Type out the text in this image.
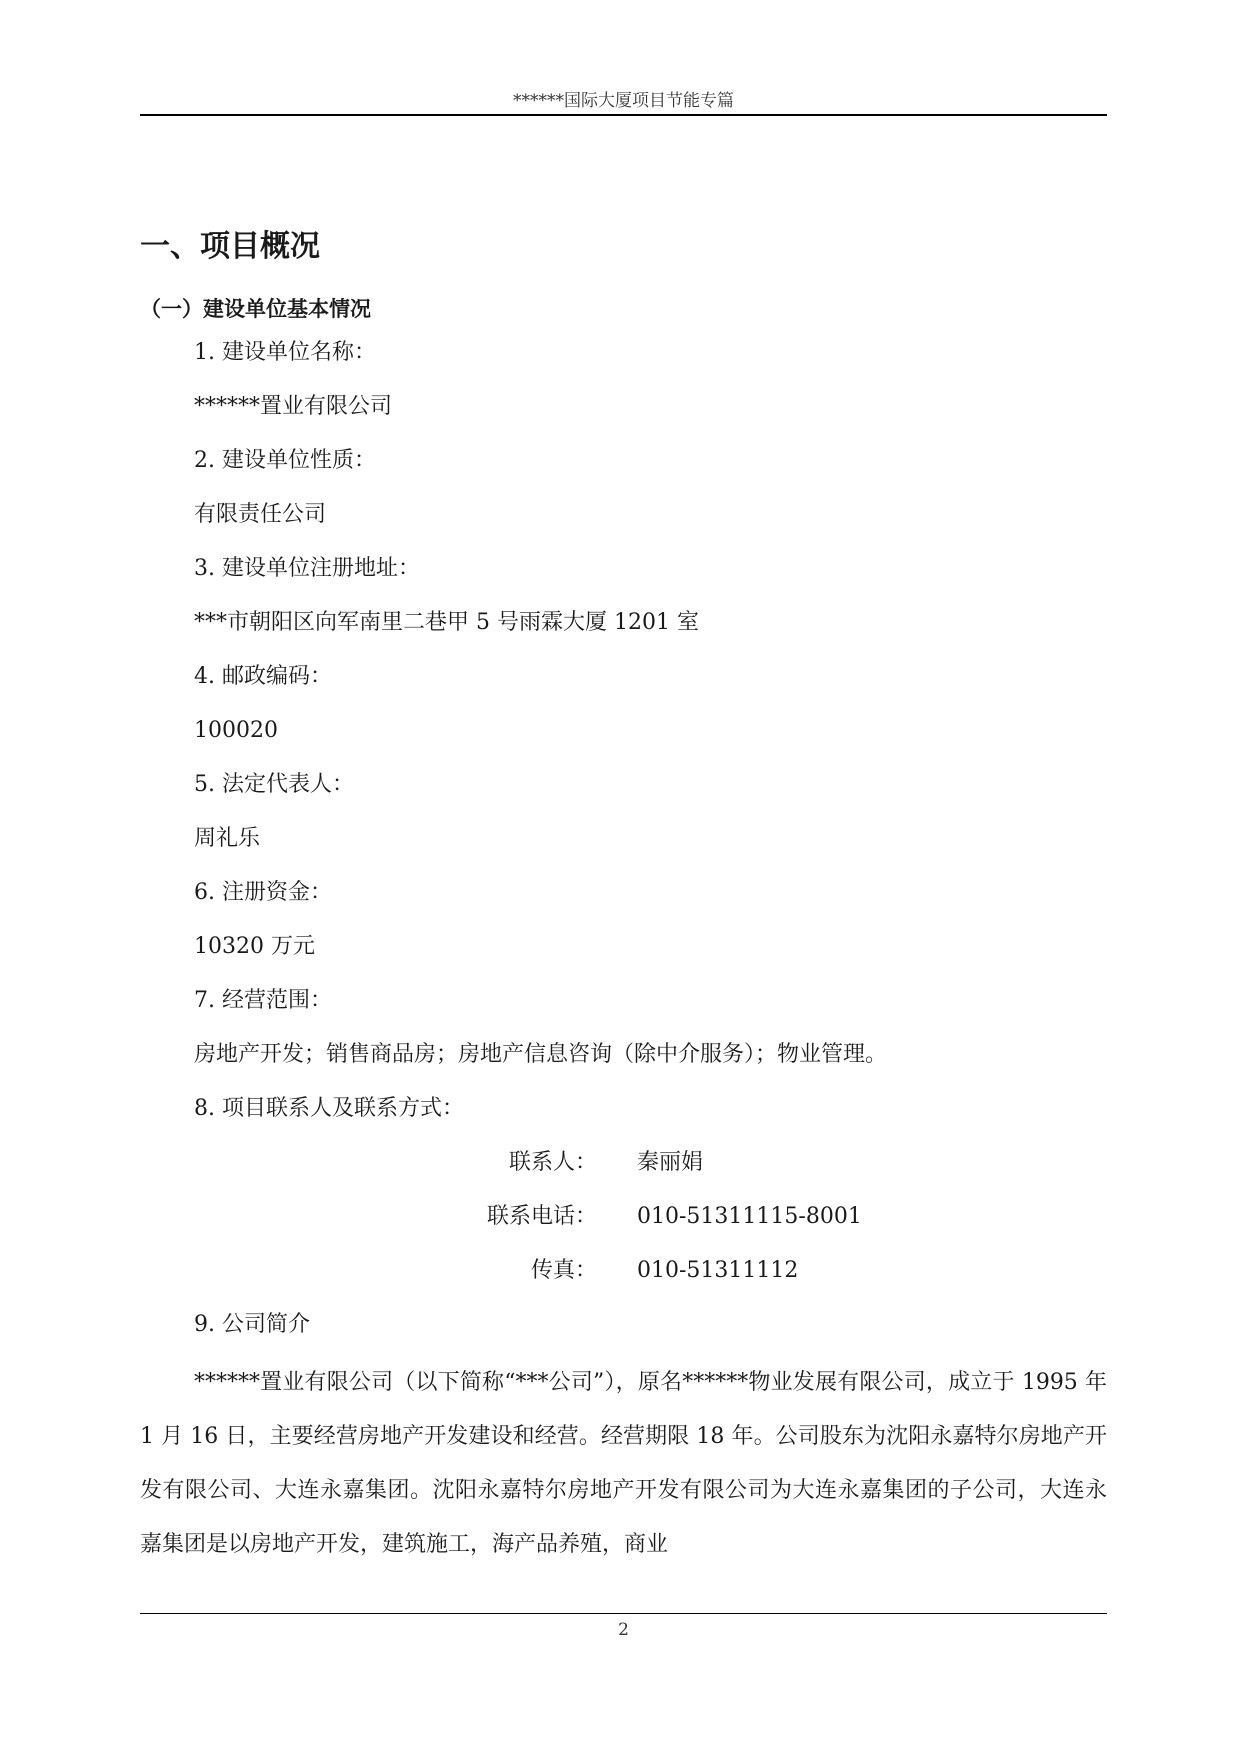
******国际大厦项目节能专篇
一、项目概况
（一）建设单位基本情况
1. 建设单位名称：
******置业有限公司
2. 建设单位性质：
有限责任公司
3. 建设单位注册地址：
***市朝阳区向军南里二巷甲 5 号雨霖大厦 1201 室
4. 邮政编码：
100020
5. 法定代表人：
周礼乐
6. 注册资金：
10320 万元
7. 经营范围：
房地产开发；销售商品房；房地产信息咨询（除中介服务）；物业管理。
8. 项目联系人及联系方式：
联系人： 秦丽娟
联系电话： 010-51311115-8001
传真： 010-51311112
9. 公司简介

******置业有限公司（以下简称“***公司”），原名******物业发展有限公司，成立于 1995 年 1 月 16 日，主要经营房地产开发建设和经营。经营期限 18 年。公司股东为沈阳永嘉特尔房地产开发有限公司、大连永嘉集团。沈阳永嘉特尔房地产开发有限公司为大连永嘉集团的子公司，大连永嘉集团是以房地产开发，建筑施工，海产品养殖，商业

2
